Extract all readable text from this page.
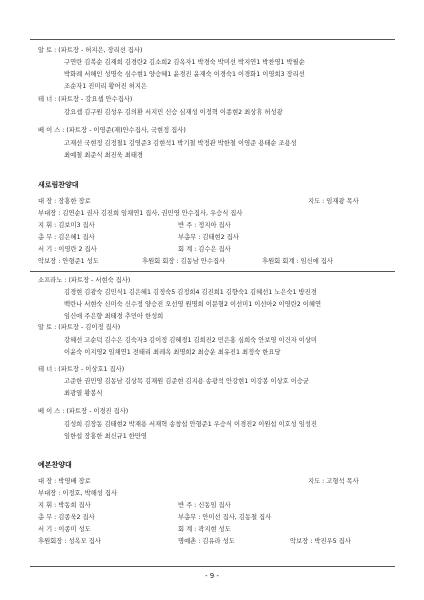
알 토 : (파트장 - 허지은, 장리선 집사)
구연란 김복순 김재희 김경란2 김소희2 김옥자1 박경숙 박미선 박지연1 박찬영1 박필순
박화례 서혜인 성명숙 심수현1 양승혜1 윤경진 윤재숙 이경숙1 이경화1 이영희3 장리선
조순자1 진미리 황어진 허지은
테 너 : (파트장 - 강요셉 안수집사)
강요셉 김구원 김성우 김의환 서지민 신승 심재성 이정혁 이종현2 최상휴 허성광
베 이 스 : (파트장 - 이영준(재)안수집사, 국현정 집사)
고재선 국현정 김정철1 김영준3 김현석1 박기철 박정관 박한철 이영준 용태순 조용성
최예철 최준식 최진욱 최태경
새로림찬양대
대 장 : 장홍한 장로	지도 : 임재광 목사
부대장 : 김연순1 권사 김진희 임채연1 집사, 권민영 안수집사, 우승식 집사
지 휘 : 김보미3 집사	반 주 : 정지아 집사
총 무 : 김은혜1 집사	부총무 : 김태현2 집사
서 기 : 이영란 2 집사	회 계 : 김수은 집사
악보장 : 안형준1 성도	후원회 회장 : 김동남 안수집사	후원회 회계 : 임신애 집사
소프라노 : (파트장 - 서현숙 집사)
김경현 김광숙 김민식1 김은혜1 김정숙5 김정희4 김진희1 김향숙1 김혜선1 노은숙1 방진경
백란나 서현숙 신미숙 신수정 양승진 오선영 원명희 이문형2 이선미1 이선아2 이영란2 이혜연
임신애 주은향 최태경 추민아 한성희
알 토 : (파트장 - 김이정 집사)
강혜선 고순덕 김수은 김숙자3 김이정 김혜경1 김희진2 민은홍 심희숙 안보영 이건자 이상미
이윤숙 이지영2 임채연1 전태리 최레옥 최명희2 최승운 최유진1 최정숙 한요당
테 너 : (파트장 - 이상호1 집사)
고준한 권민영 김동남 김상목 김재원 김준현 김지용 송광석 안강현1 이강봉 이상호 이승균
최광열 황봉식
베 이 스 : (파트장 - 이경진 집사)
김성희 김장동 김태현2 박재용 서재혁 송창섭 안형준1 우승식 이경진2 이원섭 이호성 임성진
임한섭 장홍한 최신규1 한만영
예본찬양대
대 장 : 박영배 장로	지도 : 고형석 목사
부대장 : 이정호, 박해성 집사
지 휘 : 박동희 집사	반 주 : 신동임 집사
총 무 : 김종욱2 집사	부총무 : 안미선 집사, 김동철 집사
서 기 : 이종미 성도	회 계 : 곽지현 성도
후원회장 : 성옥모 집사	명예촌 : 김유라 성도	악보장 : 박진우5 집사
- 9 -
